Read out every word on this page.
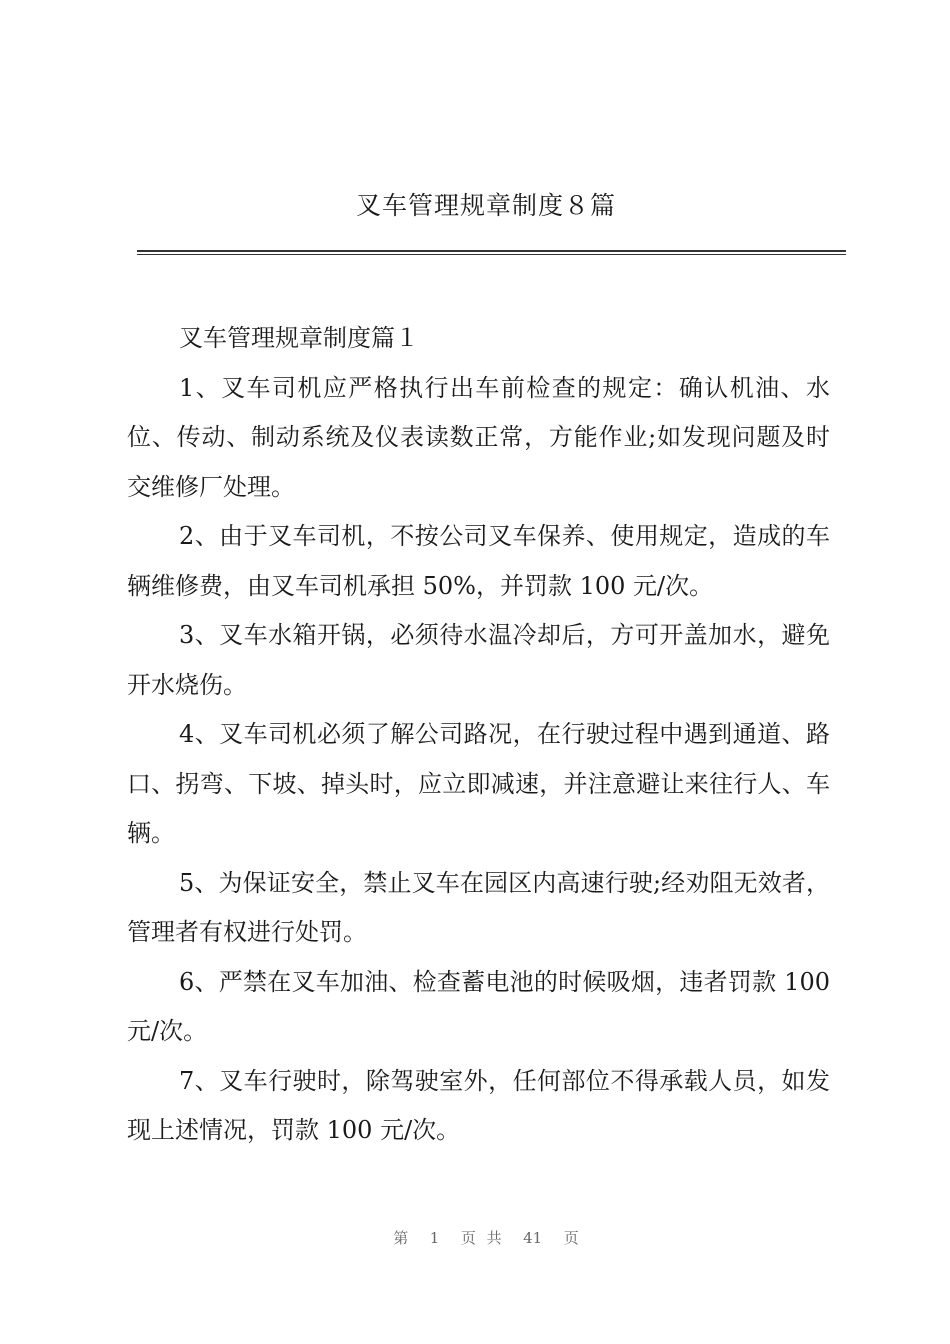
叉车管理规章制度８篇

叉车管理规章制度篇１

1、叉车司机应严格执行出车前检查的规定：确认机油、水位、传动、制动系统及仪表读数正常，方能作业;如发现问题及时交维修厂处理。

2、由于叉车司机，不按公司叉车保养、使用规定，造成的车辆维修费，由叉车司机承担 50%，并罚款 100 元/次。

3、叉车水箱开锅，必须待水温冷却后，方可开盖加水，避免开水烧伤。

4、叉车司机必须了解公司路况，在行驶过程中遇到通道、路口、拐弯、下坡、掉头时，应立即减速，并注意避让来往行人、车辆。

5、为保证安全，禁止叉车在园区内高速行驶;经劝阻无效者，管理者有权进行处罚。

6、严禁在叉车加油、检查蓄电池的时候吸烟，违者罚款 100 元/次。

7、叉车行驶时，除驾驶室外，任何部位不得承载人员，如发现上述情况，罚款 100 元/次。

第  1  页 共  41  页
